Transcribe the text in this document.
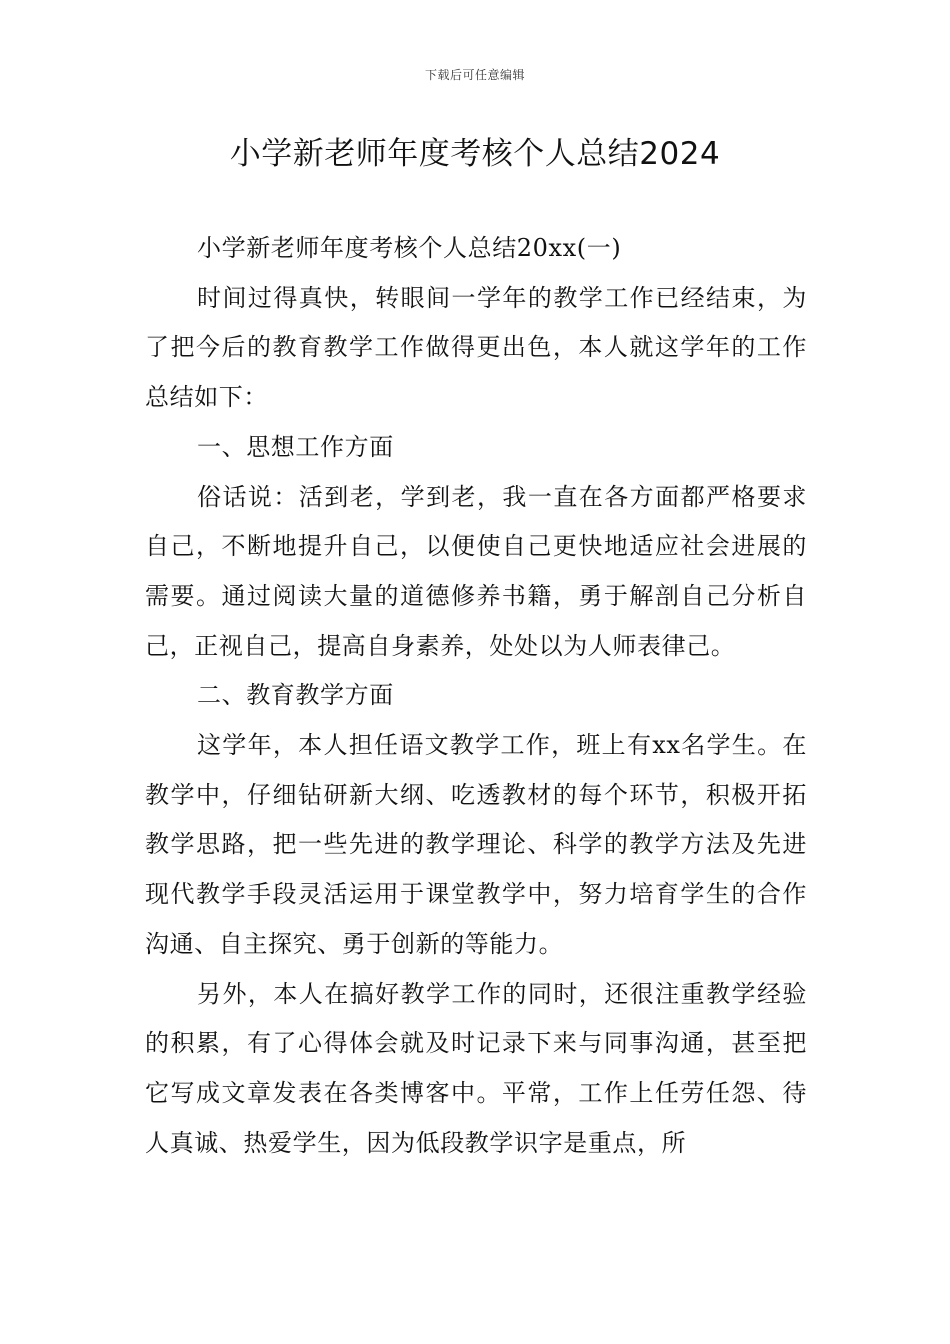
下载后可任意编辑
小学新老师年度考核个人总结2024

小学新老师年度考核个人总结20xx(一)

时间过得真快，转眼间一学年的教学工作已经结束，为了把今后的教育教学工作做得更出色，本人就这学年的工作总结如下：

一、思想工作方面

俗话说：活到老，学到老，我一直在各方面都严格要求自己，不断地提升自己，以便使自己更快地适应社会进展的需要。通过阅读大量的道德修养书籍，勇于解剖自己分析自己，正视自己，提高自身素养，处处以为人师表律己。

二、教育教学方面

这学年，本人担任语文教学工作，班上有xx名学生。在教学中，仔细钻研新大纲、吃透教材的每个环节，积极开拓教学思路，把一些先进的教学理论、科学的教学方法及先进现代教学手段灵活运用于课堂教学中，努力培育学生的合作沟通、自主探究、勇于创新的等能力。

另外，本人在搞好教学工作的同时，还很注重教学经验的积累，有了心得体会就及时记录下来与同事沟通，甚至把它写成文章发表在各类博客中。平常，工作上任劳任怨、待人真诚、热爱学生，因为低段教学识字是重点，所
